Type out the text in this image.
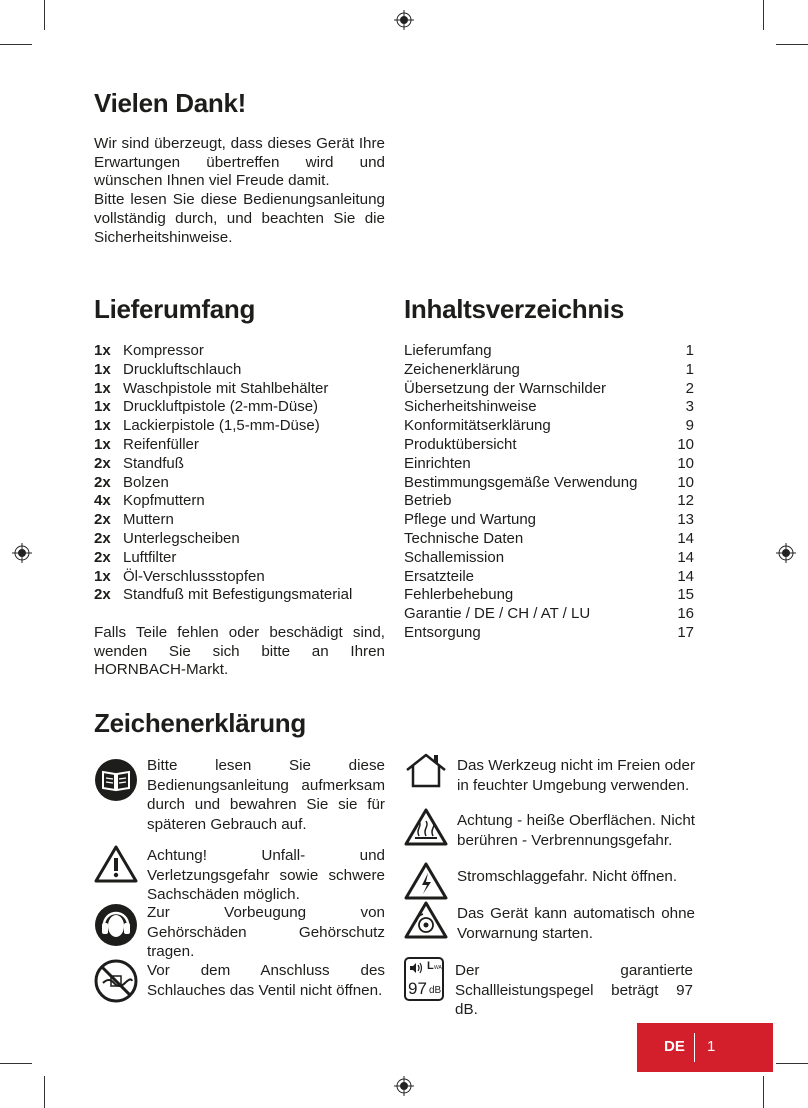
Vielen Dank!

Wir sind überzeugt, dass dieses Gerät Ihre Erwartungen übertreffen wird und wünschen Ihnen viel Freude damit.

Bitte lesen Sie diese Bedienungsanleitung vollständig durch, und beachten Sie die Sicherheitshinweise.

Lieferumfang
1x Kompressor
1x Druckluftschlauch
1x Waschpistole mit Stahlbehälter
1x Druckluftpistole (2-mm-Düse)
1x Lackierpistole (1,5-mm-Düse)
1x Reifenfüller
2x Standfuß
2x Bolzen
4x Kopfmuttern
2x Muttern
2x Unterlegscheiben
2x Luftfilter
1x Öl-Verschlussstopfen
2x Standfuß mit Befestigungsmaterial

Falls Teile fehlen oder beschädigt sind, wenden Sie sich bitte an Ihren HORNBACH-Markt.

Inhaltsverzeichnis
Lieferumfang	1
Zeichenerklärung	1
Übersetzung der Warnschilder	2
Sicherheitshinweise	3
Konformitätserklärung	9
Produktübersicht	10
Einrichten	10
Bestimmungsgemäße Verwendung	10
Betrieb	12
Pflege und Wartung	13
Technische Daten	14
Schallemission	14
Ersatzteile	14
Fehlerbehebung	15
Garantie / DE / CH / AT / LU	16
Entsorgung	17
Zeichenerklärung
Bitte lesen Sie diese Bedienungsanleitung aufmerksam durch und bewahren Sie sie für späteren Gebrauch auf.
Achtung! Unfall- und Verletzungsgefahr sowie schwere Sachschäden möglich.
Zur Vorbeugung von Gehörschäden Gehörschutz tragen.
Vor dem Anschluss des Schlauches das Ventil nicht öffnen.
Das Werkzeug nicht im Freien oder in feuchter Umgebung verwenden.
Achtung - heiße Oberflächen. Nicht berühren - Verbrennungsgefahr.
Stromschlaggefahr. Nicht öffnen.
Das Gerät kann automatisch ohne Vorwarnung starten.
L WA
97 dB
Der garantierte Schallleistungspegel beträgt 97 dB.
DE 1
